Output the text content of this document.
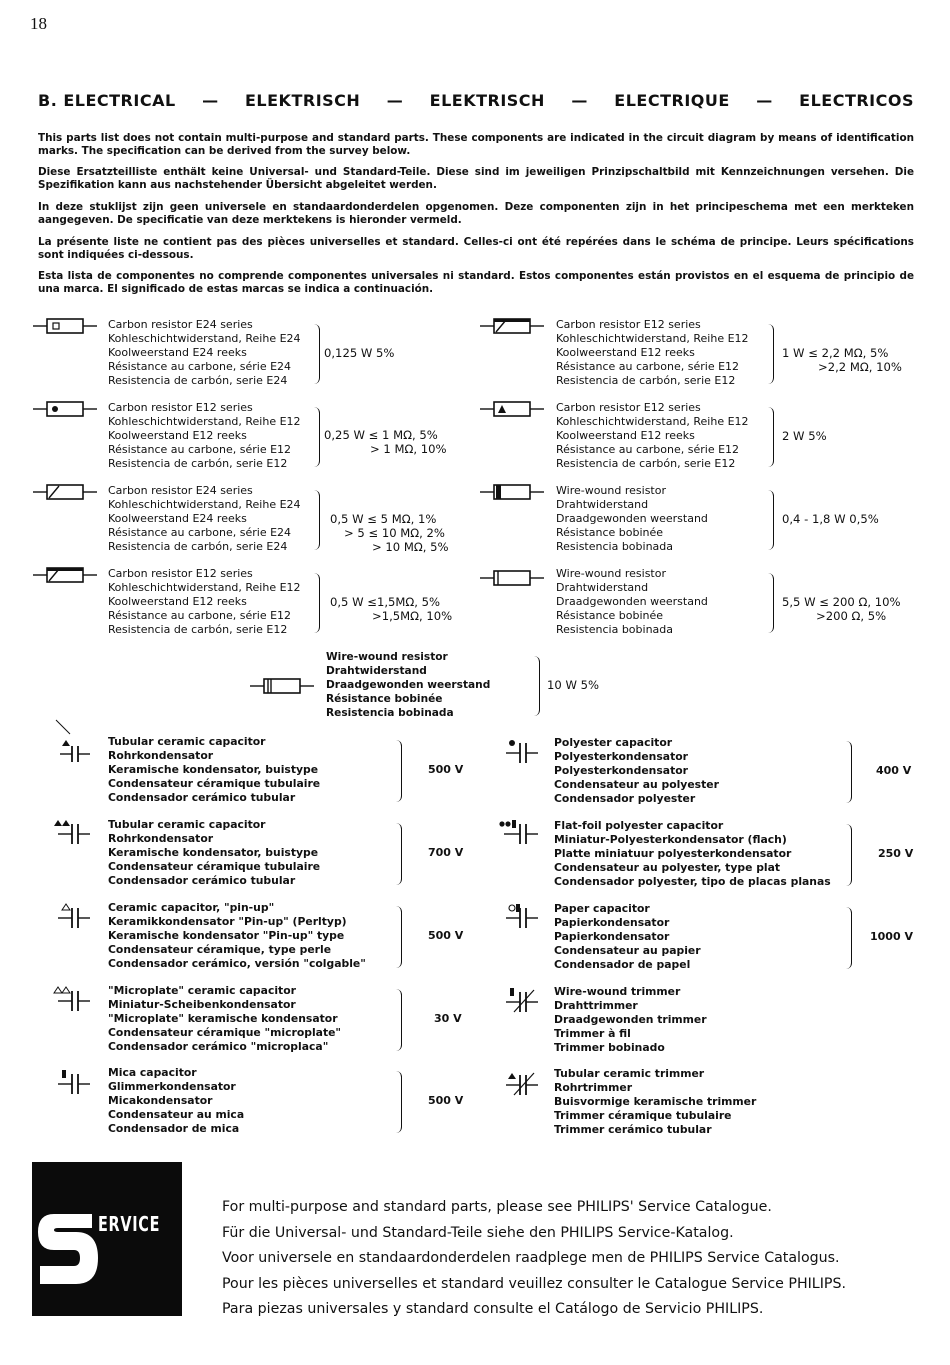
18
B. ELECTRICAL — ELEKTRISCH — ELEKTRISCH — ELECTRIQUE — ELECTRICOS
This parts list does not contain multi-purpose and standard parts. These components are indicated in the circuit diagram by means of identification marks. The specification can be derived from the survey below.
Diese Ersatzteilliste enthält keine Universal- und Standard-Teile. Diese sind im jeweiligen Prinzipschaltbild mit Kennzeichnungen versehen. Die Spezifikation kann aus nachstehender Übersicht abgeleitet werden.
In deze stuklijst zijn geen universele en standaardonderdelen opgenomen. Deze componenten zijn in het principeschema met een merkteken aangegeven. De specificatie van deze merktekens is hieronder vermeld.
La présente liste ne contient pas des pièces universelles et standard. Celles-ci ont été repérées dans le schéma de principe. Leurs spécifications sont indiquées ci-dessous.
Esta lista de componentes no comprende componentes universales ni standard. Estos componentes están provistos en el esquema de principio de una marca. El significado de estas marcas se indica a continuación.
Carbon resistor E24 series
Kohleschichtwiderstand, Reihe E24
Koolweerstand E24 reeks
Résistance au carbone, série E24
Resistencia de carbón, serie E24
0,125 W 5%
Carbon resistor E12 series
Kohleschichtwiderstand, Reihe E12
Koolweerstand E12 reeks
Résistance au carbone, série E12
Resistencia de carbón, serie E12
0,25 W ≤ 1 MΩ, 5%
> 1 MΩ, 10%
Carbon resistor E24 series
Kohleschichtwiderstand, Reihe E24
Koolweerstand E24 reeks
Résistance au carbone, série E24
Resistencia de carbón, serie E24
0,5 W ≤ 5 MΩ, 1%
> 5 ≤ 10 MΩ, 2%
> 10 MΩ, 5%
Carbon resistor E12 series
Kohleschichtwiderstand, Reihe E12
Koolweerstand E12 reeks
Résistance au carbone, série E12
Resistencia de carbón, serie E12
0,5 W ≤1,5MΩ, 5%
>1,5MΩ, 10%
Carbon resistor E12 series
Kohleschichtwiderstand, Reihe E12
Koolweerstand E12 reeks
Résistance au carbone, série E12
Resistencia de carbón, serie E12
1 W ≤ 2,2 MΩ, 5%
>2,2 MΩ, 10%
Carbon resistor E12 series
Kohleschichtwiderstand, Reihe E12
Koolweerstand E12 reeks
Résistance au carbone, série E12
Resistencia de carbón, serie E12
2 W 5%
Wire-wound resistor
Drahtwiderstand
Draadgewonden weerstand
Résistance bobinée
Resistencia bobinada
0,4 - 1,8 W 0,5%
Wire-wound resistor
Drahtwiderstand
Draadgewonden weerstand
Résistance bobinée
Resistencia bobinada
5,5 W ≤ 200 Ω, 10%
>200 Ω, 5%
Wire-wound resistor
Drahtwiderstand
Draadgewonden weerstand
Résistance bobinée
Resistencia bobinada
10 W 5%
Tubular ceramic capacitor
Rohrkondensator
Keramische kondensator, buistype
Condensateur céramique tubulaire
Condensador cerámico tubular
500 V
Tubular ceramic capacitor
Rohrkondensator
Keramische kondensator, buistype
Condensateur céramique tubulaire
Condensador cerámico tubular
700 V
Ceramic capacitor, "pin-up"
Keramikkondensator "Pin-up" (Perltyp)
Keramische kondensator "Pin-up" type
Condensateur céramique, type perle
Condensador cerámico, versión "colgable"
500 V
"Microplate" ceramic capacitor
Miniatur-Scheibenkondensator
"Microplate" keramische kondensator
Condensateur céramique "microplate"
Condensador cerámico "microplaca"
30 V
Mica capacitor
Glimmerkondensator
Micakondensator
Condensateur au mica
Condensador de mica
500 V
Polyester capacitor
Polyesterkondensator
Polyesterkondensator
Condensateur au polyester
Condensador polyester
400 V
Flat-foil polyester capacitor
Miniatur-Polyesterkondensator (flach)
Platte miniatuur polyesterkondensator
Condensateur au polyester, type plat
Condensador polyester, tipo de placas planas
250 V
Paper capacitor
Papierkondensator
Papierkondensator
Condensateur au papier
Condensador de papel
1000 V
Wire-wound trimmer
Drahttrimmer
Draadgewonden trimmer
Trimmer à fil
Trimmer bobinado
Tubular ceramic trimmer
Rohrtrimmer
Buisvormige keramische trimmer
Trimmer céramique tubulaire
Trimmer cerámico tubular
ERVICE
For multi-purpose and standard parts, please see PHILIPS' Service Catalogue.
Für die Universal- und Standard-Teile siehe den PHILIPS Service-Katalog.
Voor universele en standaardonderdelen raadplege men de PHILIPS Service Catalogus.
Pour les pièces universelles et standard veuillez consulter le Catalogue Service PHILIPS.
Para piezas universales y standard consulte el Catálogo de Servicio PHILIPS.
